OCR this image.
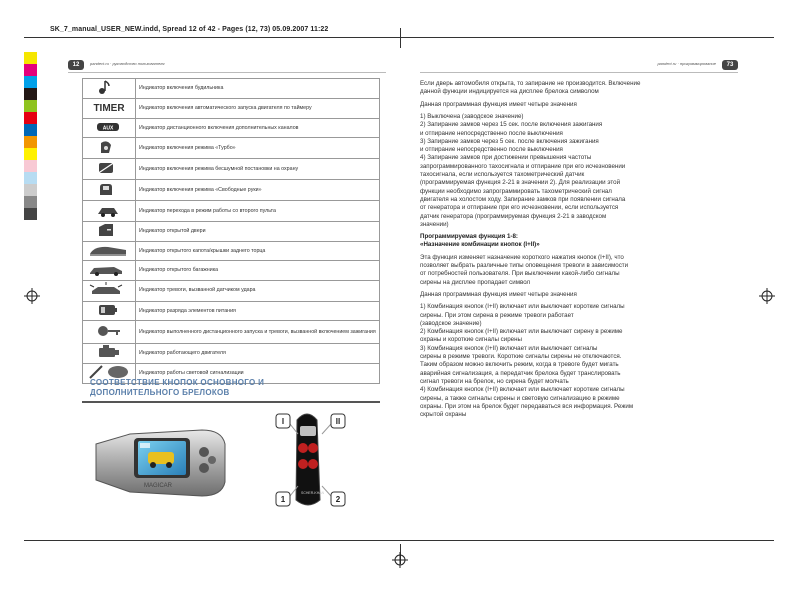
SK_7_manual_USER_NEW.indd, Spread 12 of 42 - Pages (12, 73) 05.09.2007 11:22
12	pandect.ru · руководство пользователя
	Индикатор включения будильника

TIMER	Индикатор включения автоматического запуска двигателя по таймеру

AUX	Индикатор дистанционного включения дополнительных каналов
	Индикатор включения режима «Турбо»
	Индикатор включения режима бесшумной постановки на охрану
	Индикатор включения режима «Свободные руки»
	Индикатор перехода в режим работы со второго пульта
	Индикатор открытой двери
	Индикатор открытого капота/крышки заднего торца
	Индикатор открытого багажника
	Индикатор тревоги, вызванной датчиком удара
	Индикатор разряда элементов питания
	Индикатор выполненного дистанционного запуска и тревоги, вызванной включением зажигания
	Индикатор работающего двигателя
	Индикатор работы световой сигнализации
СООТВЕТСТВИЕ КНОПОК ОСНОВНОГО И
ДОПОЛНИТЕЛЬНОГО БРЕЛОКОВ
MAGICAR
SCHER-KHAN
I	II
1	2
73
pandect.ru · программирование
Если дверь автомобиля открыта, то запирание не производится. Включение
данной функции индицируется на дисплее брелока символом
Данная программная функция имеет четыре значения
1) Выключена (заводское значение)
2) Запирание замков через 15 сек. после включения зажигания
и отпирание непосредственно после выключения
3) Запирание замков через 5 сек. после включения зажигания
и отпирание непосредственно после выключения
4) Запирание замков при достижении превышения частоты
запрограммированного тахосигнала и отпирание при его исчезновении
тахосигнала, если используется тахометрический датчик
(программируемая функция 2-21 в значении 2). Для реализации этой
функции необходимо запрограммировать тахометрический сигнал
двигателя на холостом ходу. Запирание замков при появлении сигнала
от генератора и отпирание при его исчезновении, если используется
датчик генератора (программируемая функция 2-21 в заводском
значении)
Программируемая функция 1-8:
«Назначение комбинации кнопок (I+II)»
Эта функция изменяет назначение короткого нажатия кнопок (I+II), что
позволяет выбрать различные типы оповещения тревоги в зависимости
от потребностей пользователя. При выключении какой-либо сигналы
сирены на дисплее пропадает символ
Данная программная функция имеет четыре значения
1) Комбинация кнопок (I+II) включает или выключает короткие сигналы
сирены. При этом сирена в режиме тревоги работает
(заводское значение)
2) Комбинация кнопок (I+II) включает или выключает сирену в режиме
охраны и короткие сигналы сирены
3) Комбинация кнопок (I+II) включает или выключает сигналы
сирены в режиме тревоги. Короткие сигналы сирены не отключаются.
Таким образом можно включить режим, когда в тревоге будет мигать
аварийная сигнализация, а передатчик брелока будет транслировать
сигнал тревоги на брелок, но сирена будет молчать
4) Комбинация кнопок (I+II) включает или выключает короткие сигналы
сирены, а также сигналы сирены и световую сигнализацию в режиме
охраны. При этом на брелок будет передаваться вся информация. Режим
скрытой охраны
